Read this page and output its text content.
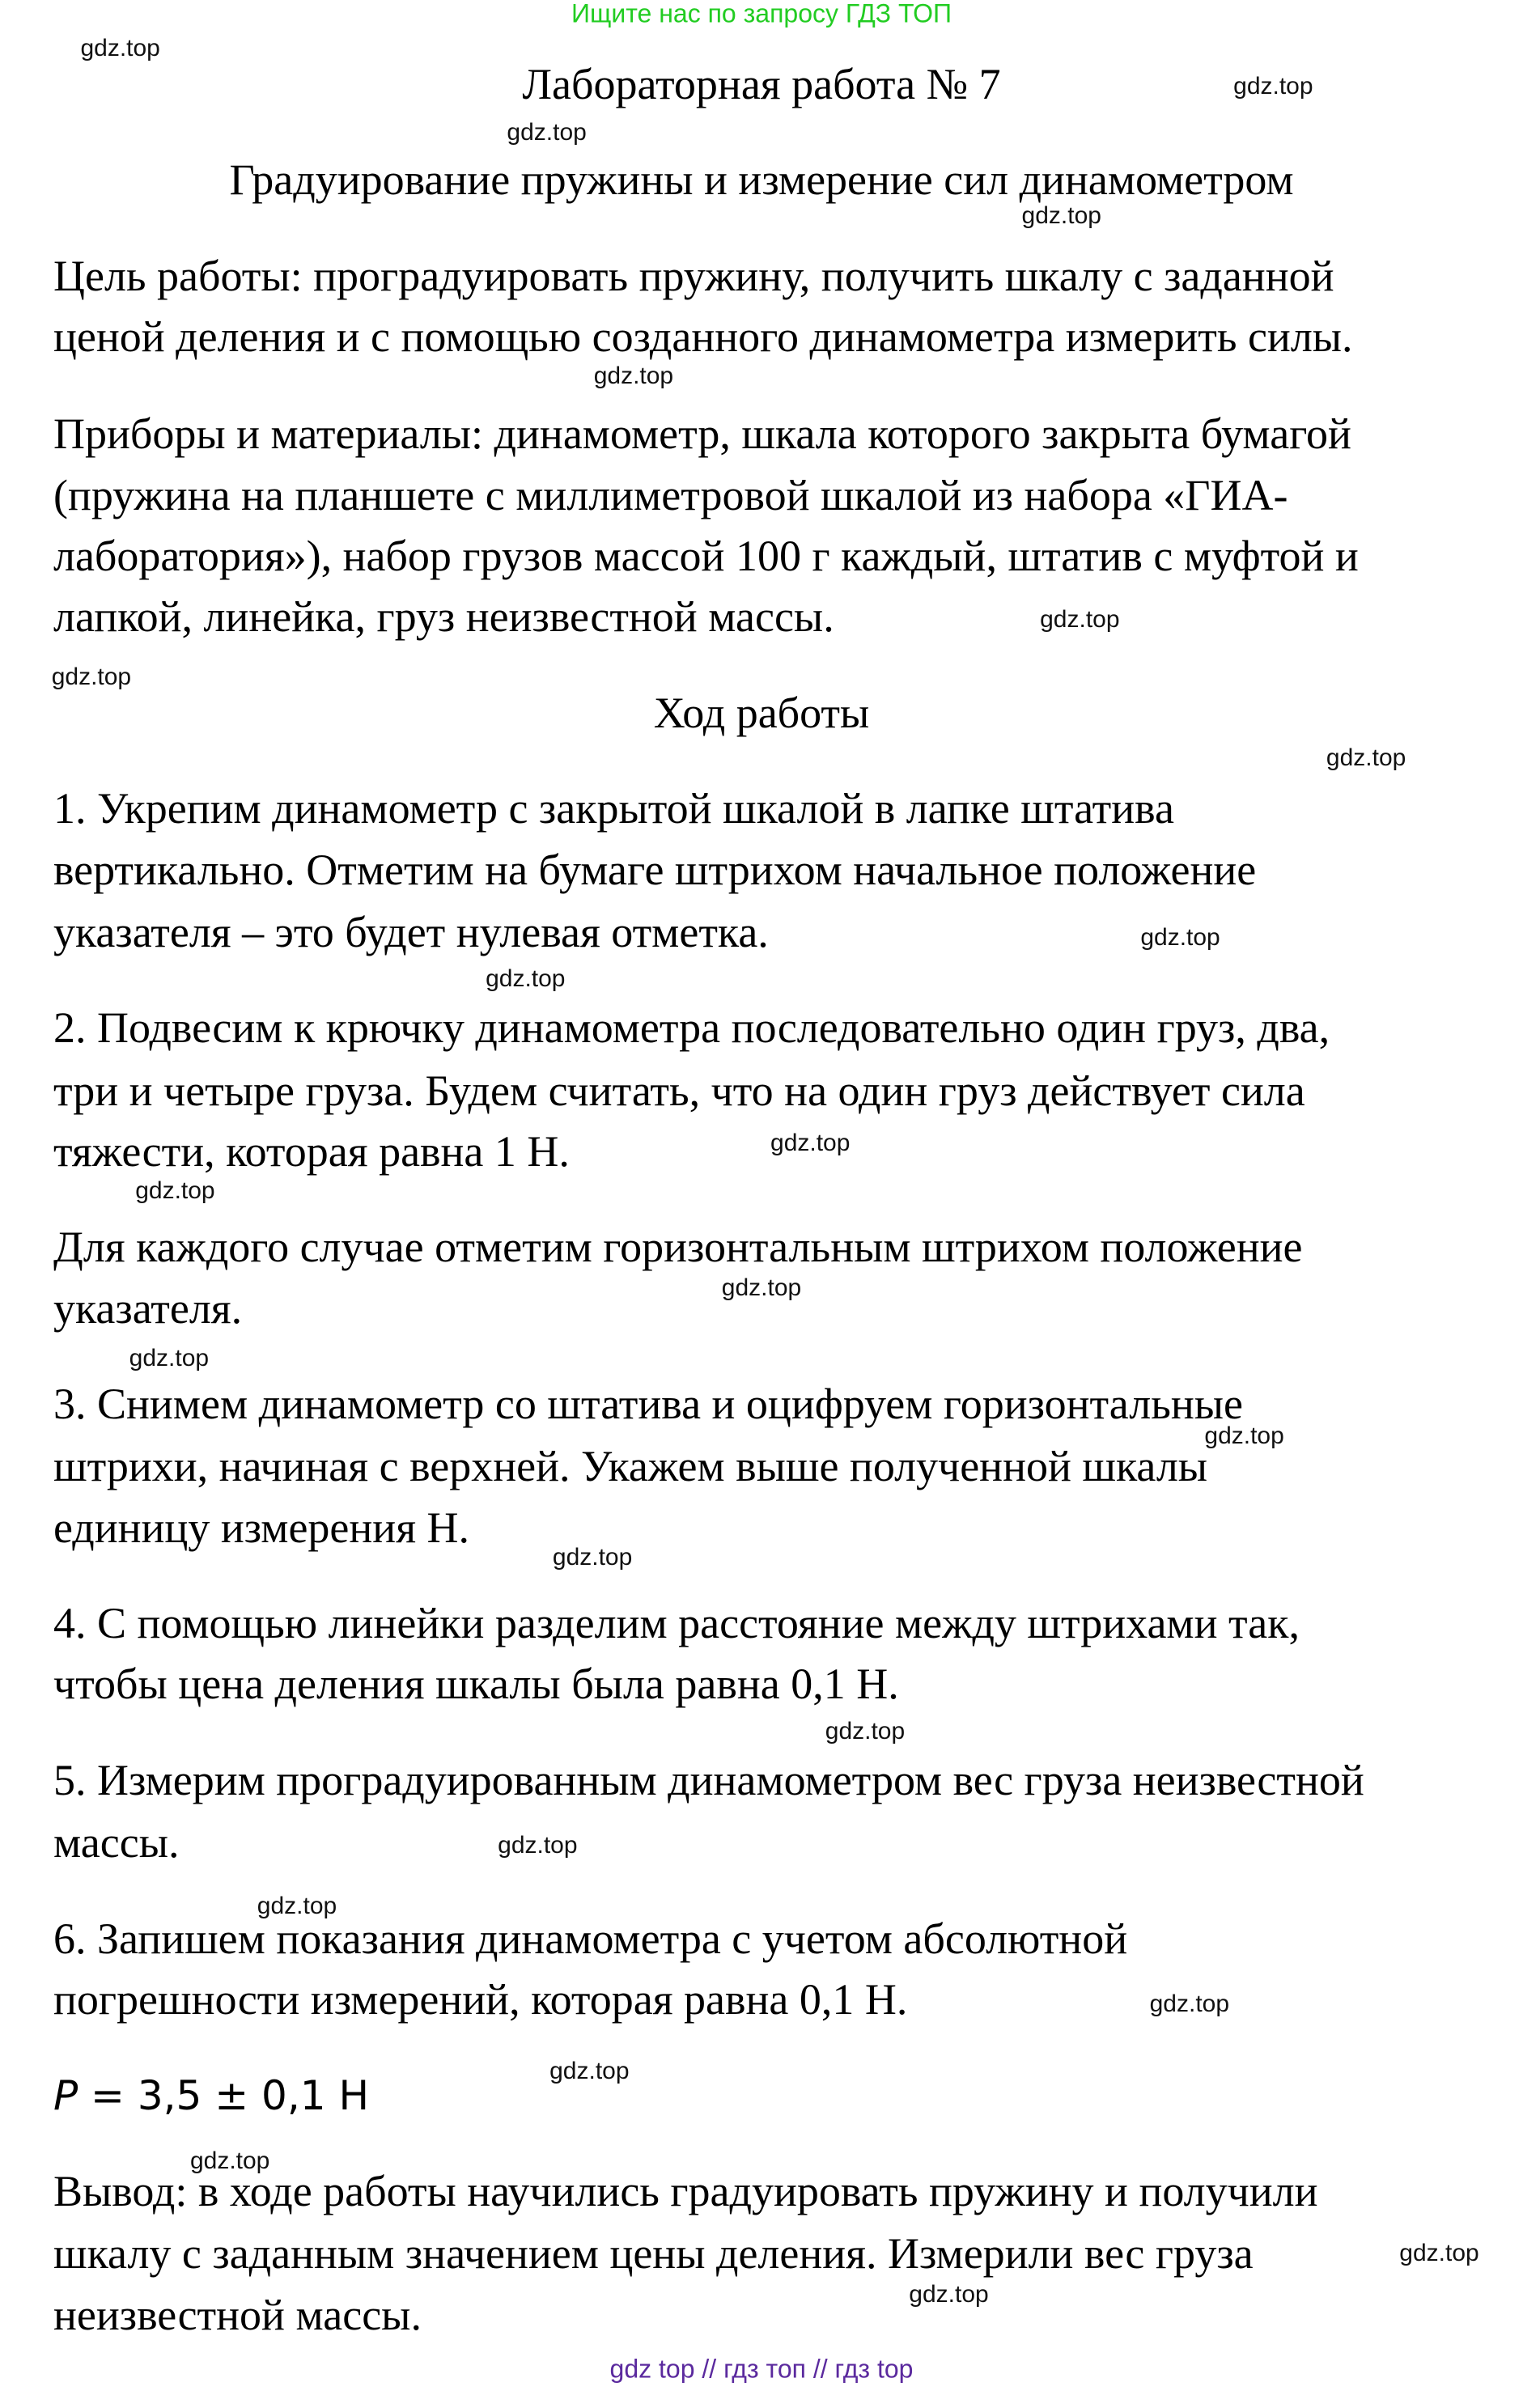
Ищите нас по запросу ГДЗ ТОП
Лабораторная работа № 7
Градуирование пружины и измерение сил динамометром
Ход работы
P = 3,5 ± 0,1 Н
Цель работы: проградуировать пружину, получить шкалу с заданной
ценой деления и с помощью созданного динамометра измерить силы.
Приборы и материалы: динамометр, шкала которого закрыта бумагой
(пружина на планшете с миллиметровой шкалой из набора «ГИА-
лаборатория»), набор грузов массой 100 г каждый, штатив с муфтой и
лапкой, линейка, груз неизвестной массы.
1. Укрепим динамометр с закрытой шкалой в лапке штатива
вертикально. Отметим на бумаге штрихом начальное положение
указателя – это будет нулевая отметка.
2. Подвесим к крючку динамометра последовательно один груз, два,
три и четыре груза. Будем считать, что на один груз действует сила
тяжести, которая равна 1 Н.
Для каждого случае отметим горизонтальным штрихом положение
указателя.
3. Снимем динамометр со штатива и оцифруем горизонтальные
штрихи, начиная с верхней. Укажем выше полученной шкалы
единицу измерения Н.
4. С помощью линейки разделим расстояние между штрихами так,
чтобы цена деления шкалы была равна 0,1 Н.
5. Измерим проградуированным динамометром вес груза неизвестной
массы.
6. Запишем показания динамометра с учетом абсолютной
погрешности измерений, которая равна 0,1 Н.
Вывод: в ходе работы научились градуировать пружину и получили
шкалу с заданным значением цены деления. Измерили вес груза
неизвестной массы.
gdz.top
gdz.top
gdz.top
gdz.top
gdz.top
gdz.top
gdz.top
gdz.top
gdz.top
gdz.top
gdz.top
gdz.top
gdz.top
gdz.top
gdz.top
gdz.top
gdz.top
gdz.top
gdz.top
gdz.top
gdz.top
gdz.top
gdz.top
gdz.top
gdz top // гдз топ // гдз top
